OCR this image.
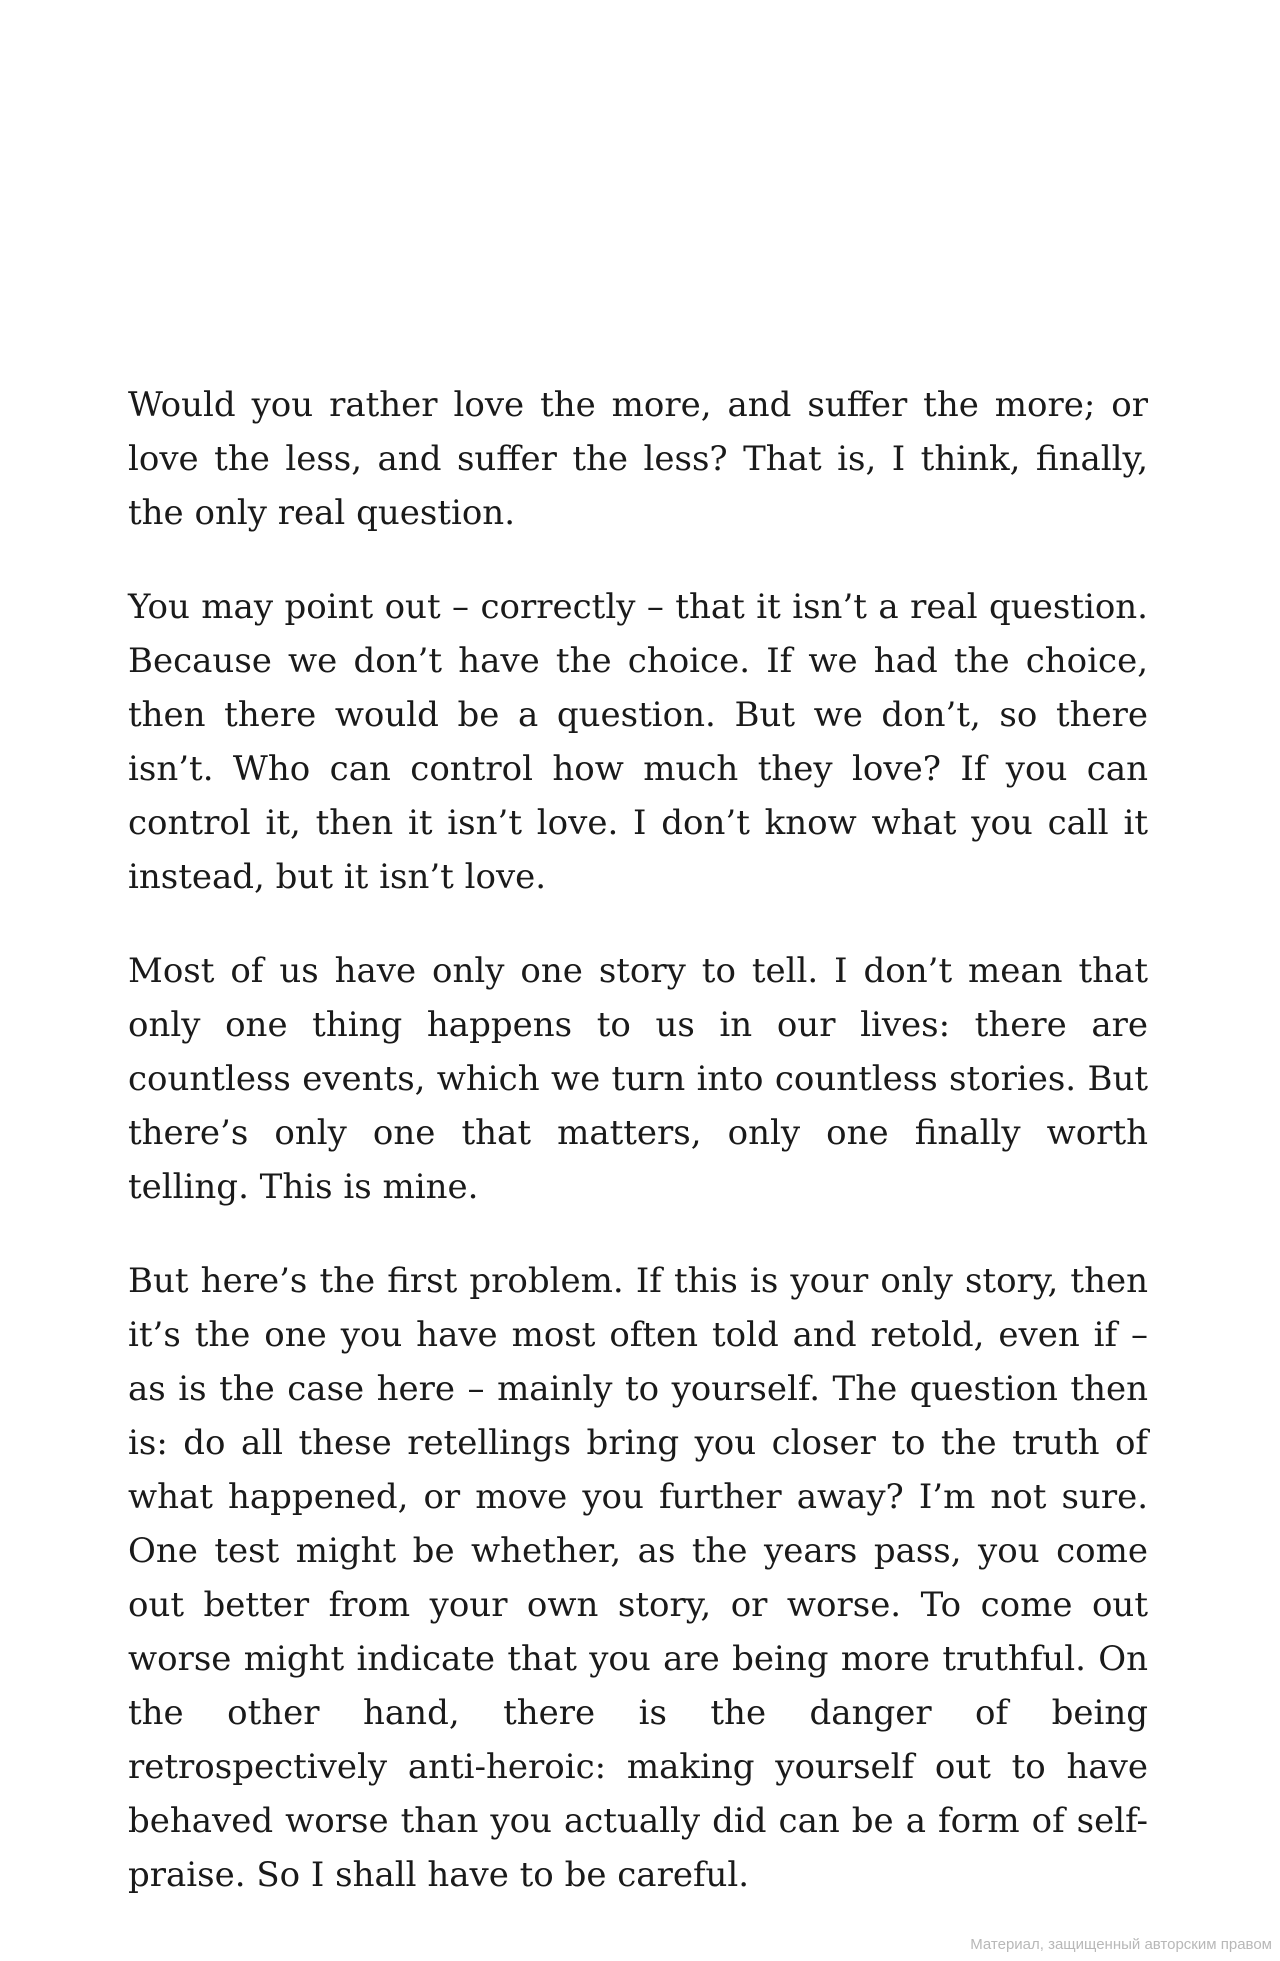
Would you rather love the more, and suffer the more; or love the less, and suffer the less? That is, I think, finally, the only real question.

You may point out – correctly – that it isn’t a real question. Because we don’t have the choice. If we had the choice, then there would be a question. But we don’t, so there isn’t. Who can control how much they love? If you can control it, then it isn’t love. I don’t know what you call it instead, but it isn’t love.

Most of us have only one story to tell. I don’t mean that only one thing happens to us in our lives: there are countless events, which we turn into countless stories. But there’s only one that matters, only one finally worth telling. This is mine.

But here’s the first problem. If this is your only story, then it’s the one you have most often told and retold, even if – as is the case here – mainly to yourself. The question then is: do all these retellings bring you closer to the truth of what happened, or move you further away? I’m not sure. One test might be whether, as the years pass, you come out better from your own story, or worse. To come out worse might indicate that you are being more truthful. On the other hand, there is the danger of being retrospectively anti-heroic: making yourself out to have behaved worse than you actually did can be a form of self-praise. So I shall have to be careful.

Материал, защищенный авторским правом
